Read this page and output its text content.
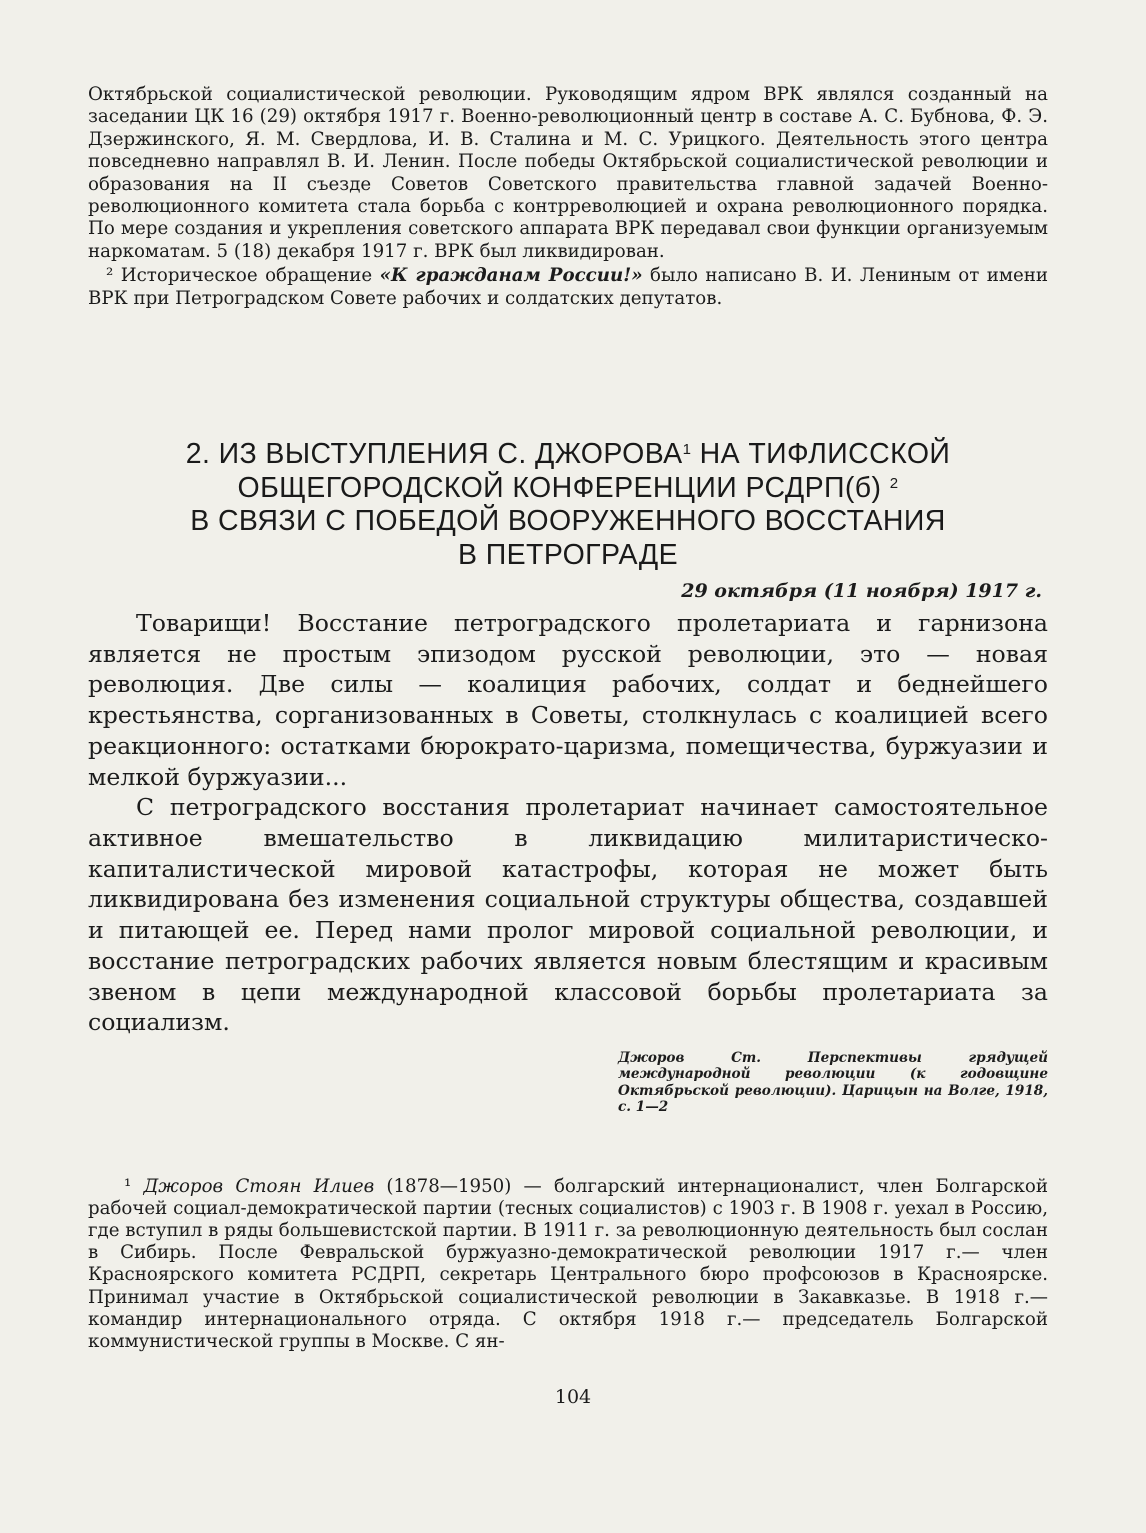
Октябрьской социалистической революции. Руководящим ядром ВРК являлся созданный на заседании ЦК 16 (29) октября 1917 г. Военно-революционный центр в составе А. С. Бубнова, Ф. Э. Дзержинского, Я. М. Свердлова, И. В. Сталина и М. С. Урицкого. Деятельность этого центра повседневно направлял В. И. Ленин. После победы Октябрьской социалистической революции и образования на II съезде Советов Советского правительства главной задачей Военно-революционного комитета стала борьба с контрреволюцией и охрана революционного порядка. По мере создания и укрепления советского аппарата ВРК передавал свои функции организуемым наркоматам. 5 (18) декабря 1917 г. ВРК был ликвидирован.

² Историческое обращение «К гражданам России!» было написано В. И. Лениным от имени ВРК при Петроградском Совете рабочих и солдатских депутатов.

2. ИЗ ВЫСТУПЛЕНИЯ С. ДЖОРОВА$^1$ НА ТИФЛИССКОЙ
ОБЩЕГОРОДСКОЙ КОНФЕРЕНЦИИ РСДРП(б) $^2$
В СВЯЗИ С ПОБЕДОЙ ВООРУЖЕННОГО ВОССТАНИЯ
В ПЕТРОГРАДЕ
29 октября (11 ноября) 1917 г.

Товарищи! Восстание петроградского пролетариата и гарнизона является не простым эпизодом русской революции, это — новая революция. Две силы — коалиция рабочих, солдат и беднейшего крестьянства, сорганизованных в Советы, столкнулась с коалицией всего реакционного: остатками бюрократо-царизма, помещичества, буржуазии и мелкой буржуазии...

С петроградского восстания пролетариат начинает самостоятельное активное вмешательство в ликвидацию милитаристическо-капиталистической мировой катастрофы, которая не может быть ликвидирована без изменения социальной структуры общества, создавшей и питающей ее. Перед нами пролог мировой социальной революции, и восстание петроградских рабочих является новым блестящим и красивым звеном в цепи международной классовой борьбы пролетариата за социализм.

Джоров Ст. Перспективы грядущей международной революции (к годовщине Октябрьской революции). Царицын на Волге, 1918, с. 1—2

¹ Джоров Стоян Илиев (1878—1950) — болгарский интернационалист, член Болгарской рабочей социал-демократической партии (тесных социалистов) с 1903 г. В 1908 г. уехал в Россию, где вступил в ряды большевистской партии. В 1911 г. за революционную деятельность был сослан в Сибирь. После Февральской буржуазно-демократической революции 1917 г.— член Красноярского комитета РСДРП, секретарь Центрального бюро профсоюзов в Красноярске. Принимал участие в Октябрьской социалистической революции в Закавказье. В 1918 г.— командир интернационального отряда. С октября 1918 г.— председатель Болгарской коммунистической группы в Москве. С ян-

104
